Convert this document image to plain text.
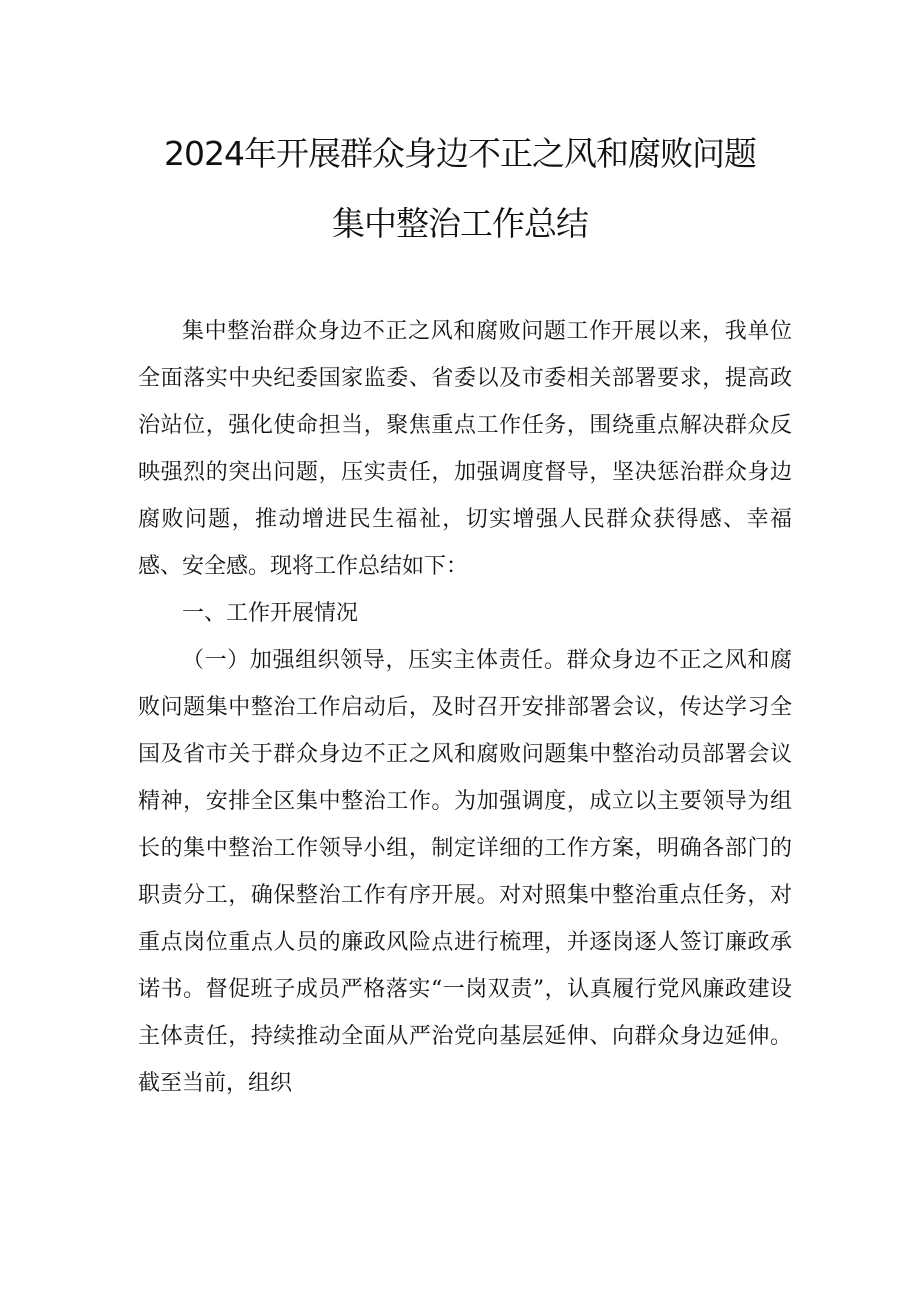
2024年开展群众身边不正之风和腐败问题
集中整治工作总结

集中整治群众身边不正之风和腐败问题工作开展以来，我单位全面落实中央纪委国家监委、省委以及市委相关部署要求，提高政治站位，强化使命担当，聚焦重点工作任务，围绕重点解决群众反映强烈的突出问题，压实责任，加强调度督导，坚决惩治群众身边腐败问题，推动增进民生福祉，切实增强人民群众获得感、幸福感、安全感。现将工作总结如下：

一、工作开展情况

（一）加强组织领导，压实主体责任。群众身边不正之风和腐败问题集中整治工作启动后，及时召开安排部署会议，传达学习全国及省市关于群众身边不正之风和腐败问题集中整治动员部署会议精神，安排全区集中整治工作。为加强调度，成立以主要领导为组长的集中整治工作领导小组，制定详细的工作方案，明确各部门的职责分工，确保整治工作有序开展。对对照集中整治重点任务，对重点岗位重点人员的廉政风险点进行梳理，并逐岗逐人签订廉政承诺书。督促班子成员严格落实“一岗双责”，认真履行党风廉政建设主体责任，持续推动全面从严治党向基层延伸、向群众身边延伸。截至当前，组织
